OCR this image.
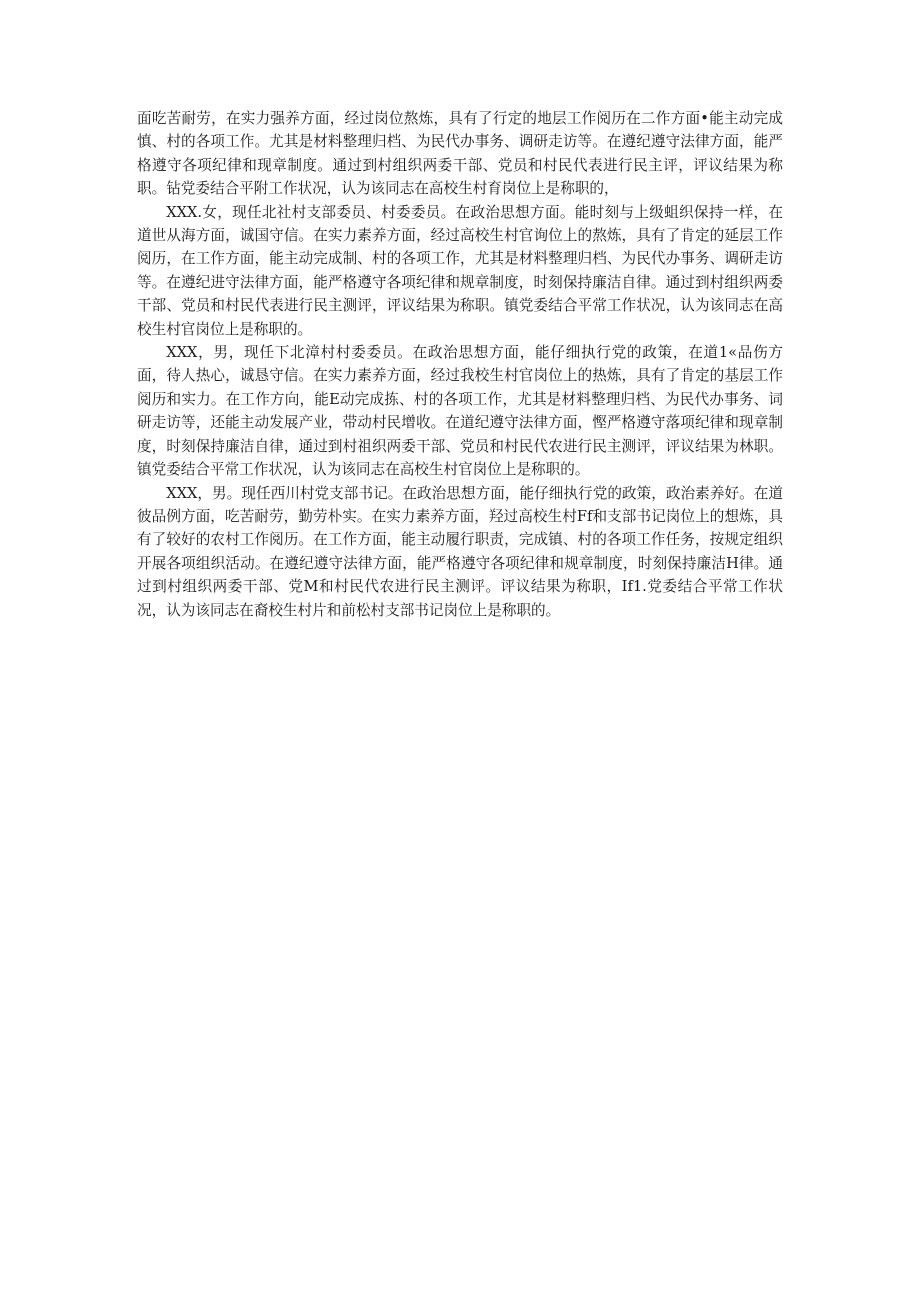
面吃苦耐劳，在实力强养方面，经过岗位熬炼，具有了行定的地层工作阅历在二作方面•能主动完成慎、村的各项工作。尤其是材料整理归档、为民代办事务、调研走访等。在遵纪遵守法律方面，能严格遵守各项纪律和现章制度。通过到村组织两委干部、党员和村民代表进行民主评，评议结果为称职。钻党委结合平附工作状况，认为该同志在高校生村育岗位上是称职的，

XXX.女，现任北社村支部委员、村委委员。在政治思想方面。能时刻与上级蛆织保持一样，在道世从海方面，诚国守信。在实力素养方面，经过高校生村官询位上的熬炼，具有了肯定的延层工作阅历，在工作方面，能主动完成制、村的各项工作，尤其是材料整理归档、为民代办事务、调研走访等。在遵纪进守法律方面，能严格遵守各项纪律和规章制度，时刻保持廉洁自律。通过到村组织两委干部、党员和村民代表进行民主测评，评议结果为称职。镇党委结合平常工作状况，认为该同志在高校生村官岗位上是称职的。

XXX，男，现任下北漳村村委委员。在政治思想方面，能仔细执行党的政策，在道1«品伤方面，待人热心，诚恳守信。在实力素养方面，经过我校生村官岗位上的热炼，具有了肯定的基层工作阅历和实力。在工作方向，能E动完成拣、村的各项工作，尤其是材料整理归档、为民代办事务、词研走访等，还能主动发展产业，带动村民增收。在道纪遵守法律方面，慳严格遵守落项纪律和现章制度，时刻保持廉洁自律，通过到村祖织两委干部、党员和村民代农进行民主测评，评议结果为林职。镇党委结合平常工作状况，认为该同志在高校生村官岗位上是称职的。

XXX，男。现任西川村党支部书记。在政治思想方面，能仔细执行党的政策，政治素养好。在道彼品例方面，吃苦耐劳，勤劳朴实。在实力素养方面，羟过高校生村Ff和支部书记岗位上的想炼，具有了较好的农村工作阅历。在工作方面，能主动履行职责，完成镇、村的各项工作任务，按规定组织开展各项组织活动。在遵纪遵守法律方面，能严格遵守各项纪律和规章制度，时刻保持廉洁H律。通过到村组织两委干部、党M和村民代农进行民主测评。评议结果为称职，If1.党委结合平常工作状况，认为该同志在裔校生村片和前松村支部书记岗位上是称职的。
